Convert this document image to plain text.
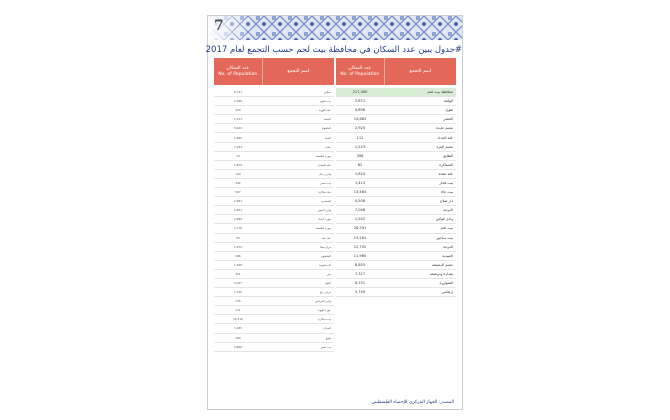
7
#جدول يبين عدد السكان في محافظة بيت لحم حسب التجمع لعام 2017
عدد السكان
No. of Population
اسم التجمع
8,741	نحالين
1,096	بيت فلوح
443	خلة اللوزة
1,131	الجبعة
3,444	الحلقوم
1,695	المنيا
7,194	جناتة
74	جورة الشمعة
1,819	خلة النعمان
144	وادي رحال
342	بيت تعمر
507	خلة سكاريا
1,081	المعصرة
2,461	وادي النيص
2,699	جورة الديك
1,778	جورة الشمعة
93	خلة حمد
1,072	مراح معلا
266	الجلطوح
1,168	أم سلمونة
321	بتير
4,767	الفوار
1,735	مراح رباح
135	وادي العرايس
111	جورة الهوى
12,510	بيت سكاريا
1,185	كيسان
380	تقوع
2,666	بيت تعمر
عدد السكان
No. of Population
اسم التجمع
217,400	محافظة بيت لحم
2,871	الولجة
4,696	تقوع
14,683	الخضر
2,924	مخيم عايدة
112	خلة الحداد
1,523	مخيم العزة
398	الطابق
82	العساكرة
1,624	خلة عفانة
1,413	بيت فجار
13,484	بيت جالا
4,508	دار صلاح
7,048	الدوحة
1,542	وادي فوكين
28,591	بيت لحم
13,281	بيت ساحور
12,752	الدوحة
11,960	العبيدية
8,855	مخيم الدهيشة
7,317	هندازة وبريضعة
6,151	الشواورة
5,745	إرطاس
المصدر: الجهاز المركزي للإحصاء الفلسطيني
